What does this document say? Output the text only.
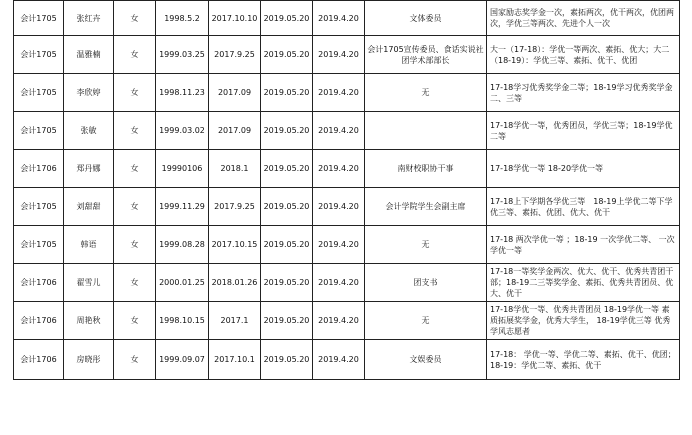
会计1705	张红卉	女	1998.5.2	2017.10.10	2019.05.20	2019.4.20	文体委员	国家励志奖学金一次，素拓两次，优干两次，优团两次，学优三等两次、先进个人一次
会计1705	温雅楠	女	1999.03.25	2017.9.25	2019.05.20	2019.4.20	会计1705宣传委员、食话实说社团学术部部长	大一（17-18）：学优一等两次、素拓、优大；大二（18-19）：学优三等、素拓、优干、优团
会计1705	李欣婷	女	1998.11.23	2017.09	2019.05.20	2019.4.20	无	17-18学习优秀奖学金二等；18-19学习优秀奖学金二、三等
会计1705	张敏	女	1999.03.02	2017.09	2019.05.20	2019.4.20		17-18学优一等，优秀团员，学优三等；18-19学优二等
会计1706	郑丹娜	女	19990106	2018.1	2019.05.20	2019.4.20	南财校职协干事	17-18学优一等 18-20学优一等
会计1705	刘甜甜	女	1999.11.29	2017.9.25	2019.05.20	2019.4.20	会计学院学生会副主席	17-18上下学期各学优三等　18-19上学优二等下学优三等、素拓、优团、优大、优干
会计1705	韩语	女	1999.08.28	2017.10.15	2019.05.20	2019.4.20	无	17-18 两次学优一等 ；18-19 一次学优二等、 一次学优一等
会计1706	翟雪儿	女	2000.01.25	2018.01.26	2019.05.20	2019.4.20	团支书	17-18一等奖学金两次、优大、优干、优秀共青团干部；18-19二三等奖学金、素拓、优秀共青团员、优大、优干
会计1706	周艳秋	女	1998.10.15	2017.1	2019.05.20	2019.4.20	无	17-18学优一等、优秀共青团员 18-19学优一等 素质拓展奖学金，优秀大学生， 18-19学优三等 优秀学风志愿者
会计1706	房晓彤	女	1999.09.07	2017.10.1	2019.05.20	2019.4.20	文娱委员	17-18： 学优一等、学优二等、素拓、优干、优团；18-19：学优二等、素拓、优干
